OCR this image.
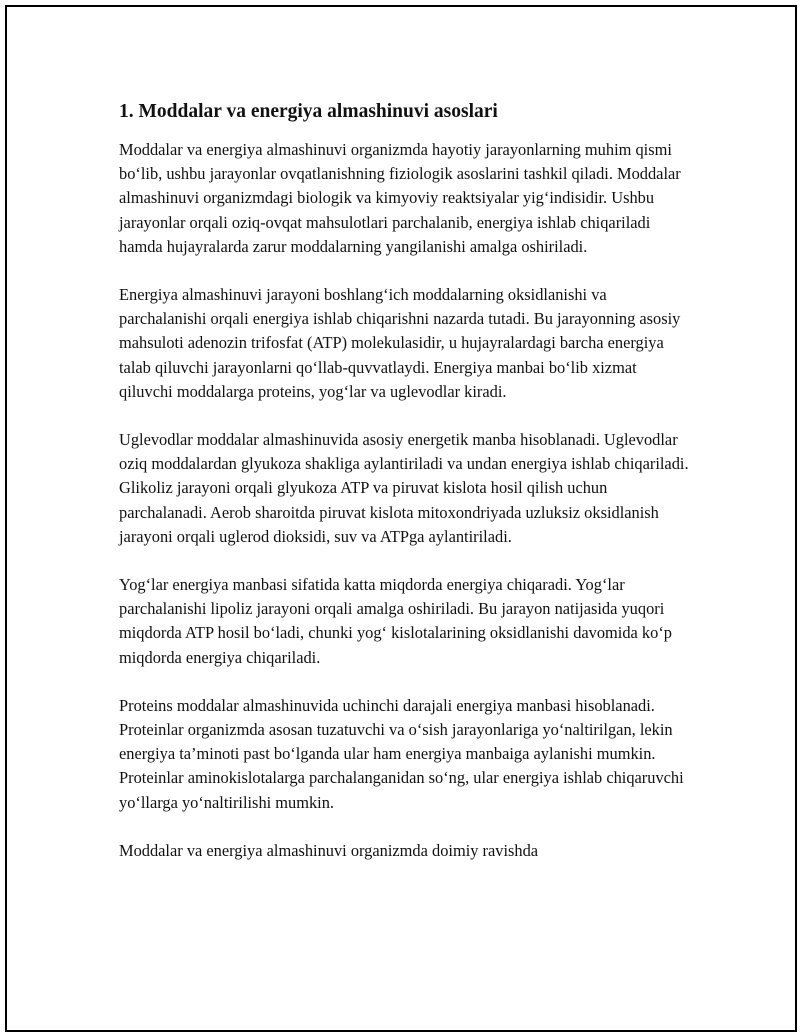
1. Moddalar va energiya almashinuvi asoslari

Moddalar va energiya almashinuvi organizmda hayotiy jarayonlarning muhim qismi bo‘lib, ushbu jarayonlar ovqatlanishning fiziologik asoslarini tashkil qiladi. Moddalar almashinuvi organizmdagi biologik va kimyoviy reaktsiyalar yig‘indisidir. Ushbu jarayonlar orqali oziq-ovqat mahsulotlari parchalanib, energiya ishlab chiqariladi hamda hujayralarda zarur moddalarning yangilanishi amalga oshiriladi.

Energiya almashinuvi jarayoni boshlang‘ich moddalarning oksidlanishi va parchalanishi orqali energiya ishlab chiqarishni nazarda tutadi. Bu jarayonning asosiy mahsuloti adenozin trifosfat (ATP) molekulasidir, u hujayralardagi barcha energiya talab qiluvchi jarayonlarni qo‘llab-quvvatlaydi. Energiya manbai bo‘lib xizmat qiluvchi moddalarga proteins, yog‘lar va uglevodlar kiradi.

Uglevodlar moddalar almashinuvida asosiy energetik manba hisoblanadi. Uglevodlar oziq moddalardan glyukoza shakliga aylantiriladi va undan energiya ishlab chiqariladi. Glikoliz jarayoni orqali glyukoza ATP va piruvat kislota hosil qilish uchun parchalanadi. Aerob sharoitda piruvat kislota mitoxondriyada uzluksiz oksidlanish jarayoni orqali uglerod dioksidi, suv va ATPga aylantiriladi.

Yog‘lar energiya manbasi sifatida katta miqdorda energiya chiqaradi. Yog‘lar parchalanishi lipoliz jarayoni orqali amalga oshiriladi. Bu jarayon natijasida yuqori miqdorda ATP hosil bo‘ladi, chunki yog‘ kislotalarining oksidlanishi davomida ko‘p miqdorda energiya chiqariladi.

Proteins moddalar almashinuvida uchinchi darajali energiya manbasi hisoblanadi. Proteinlar organizmda asosan tuzatuvchi va o‘sish jarayonlariga yo‘naltirilgan, lekin energiya ta’minoti past bo‘lganda ular ham energiya manbaiga aylanishi mumkin. Proteinlar aminokislotalarga parchalanganidan so‘ng, ular energiya ishlab chiqaruvchi yo‘llarga yo‘naltirilishi mumkin.

Moddalar va energiya almashinuvi organizmda doimiy ravishda
